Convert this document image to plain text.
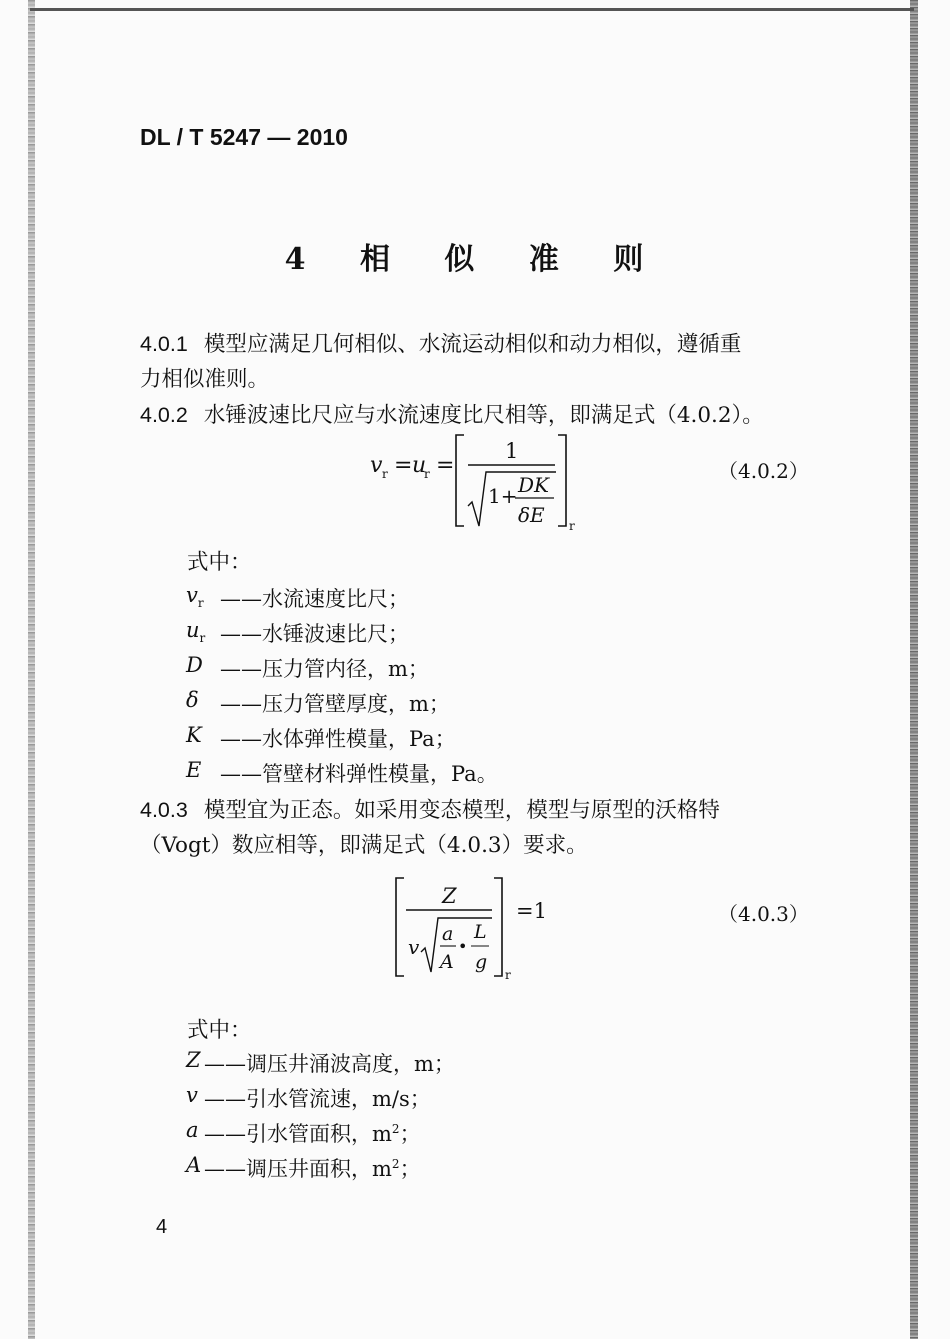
DL / T 5247 — 2010
4 相 似 准 则
4.0.1 模型应满足几何相似、水流运动相似和动力相似，遵循重
力相似准则。
4.0.2 水锤波速比尺应与水流速度比尺相等，即满足式（4.0.2）。
v r = u
r =
1
1+ DK
δE r
（4.0.2）
式中：
$v_r$ ——水流速度比尺；
$u_r$ ——水锤波速比尺；
D ——压力管内径，m；
δ ——压力管壁厚度，m；
K ——水体弹性模量，Pa；
E ——管壁材料弹性模量，Pa。
4.0.3 模型宜为正态。如采用变态模型，模型与原型的沃格特
（Vogt）数应相等，即满足式（4.0.3）要求。
Z
v
a
A
•
L
g
r
=1	（4.0.3）
式中：
Z ——调压井涌波高度，m；
v ——引水管流速，m/s；
a ——引水管面积，$m^2$；
A ——调压井面积，$m^2$；
4
